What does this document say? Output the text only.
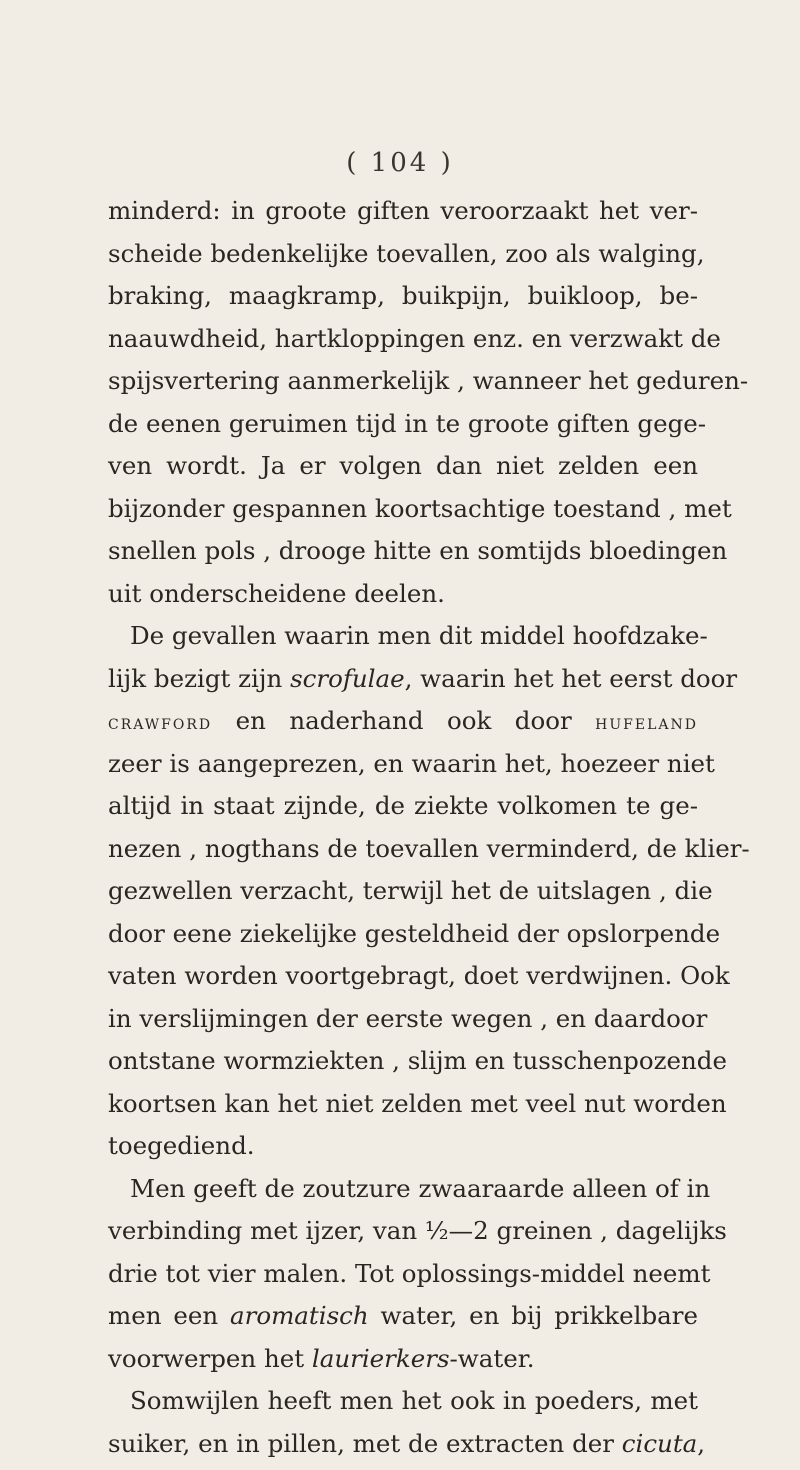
( 104 )
minderd: in groote giften veroorzaakt het ver-
scheide bedenkelijke toevallen, zoo als walging,
braking, maagkramp, buikpijn, buikloop, be-
naauwdheid, hartkloppingen enz. en verzwakt de
spijsvertering aanmerkelijk , wanneer het geduren-
de eenen geruimen tijd in te groote giften gege-
ven wordt. Ja er volgen dan niet zelden een
bijzonder gespannen koortsachtige toestand , met
snellen pols , drooge hitte en somtijds bloedingen
uit onderscheidene deelen.
De gevallen waarin men dit middel hoofdzake-
lijk bezigt zijn scrofulae, waarin het het eerst door
crawford en naderhand ook door hufeland
zeer is aangeprezen, en waarin het, hoezeer niet
altijd in staat zijnde, de ziekte volkomen te ge-
nezen , nogthans de toevallen verminderd, de klier-
gezwellen verzacht, terwijl het de uitslagen , die
door eene ziekelijke gesteldheid der opslorpende
vaten worden voortgebragt, doet verdwijnen. Ook
in verslijmingen der eerste wegen , en daardoor
ontstane wormziekten , slijm en tusschenpozende
koortsen kan het niet zelden met veel nut worden
toegediend.
Men geeft de zoutzure zwaaraarde alleen of in
verbinding met ijzer, van ½—2 greinen , dagelijks
drie tot vier malen. Tot oplossings-middel neemt
men een aromatisch water, en bij prikkelbare
voorwerpen het laurierkers-water.
Somwijlen heeft men het ook in poeders, met
suiker, en in pillen, met de extracten der cicuta,
